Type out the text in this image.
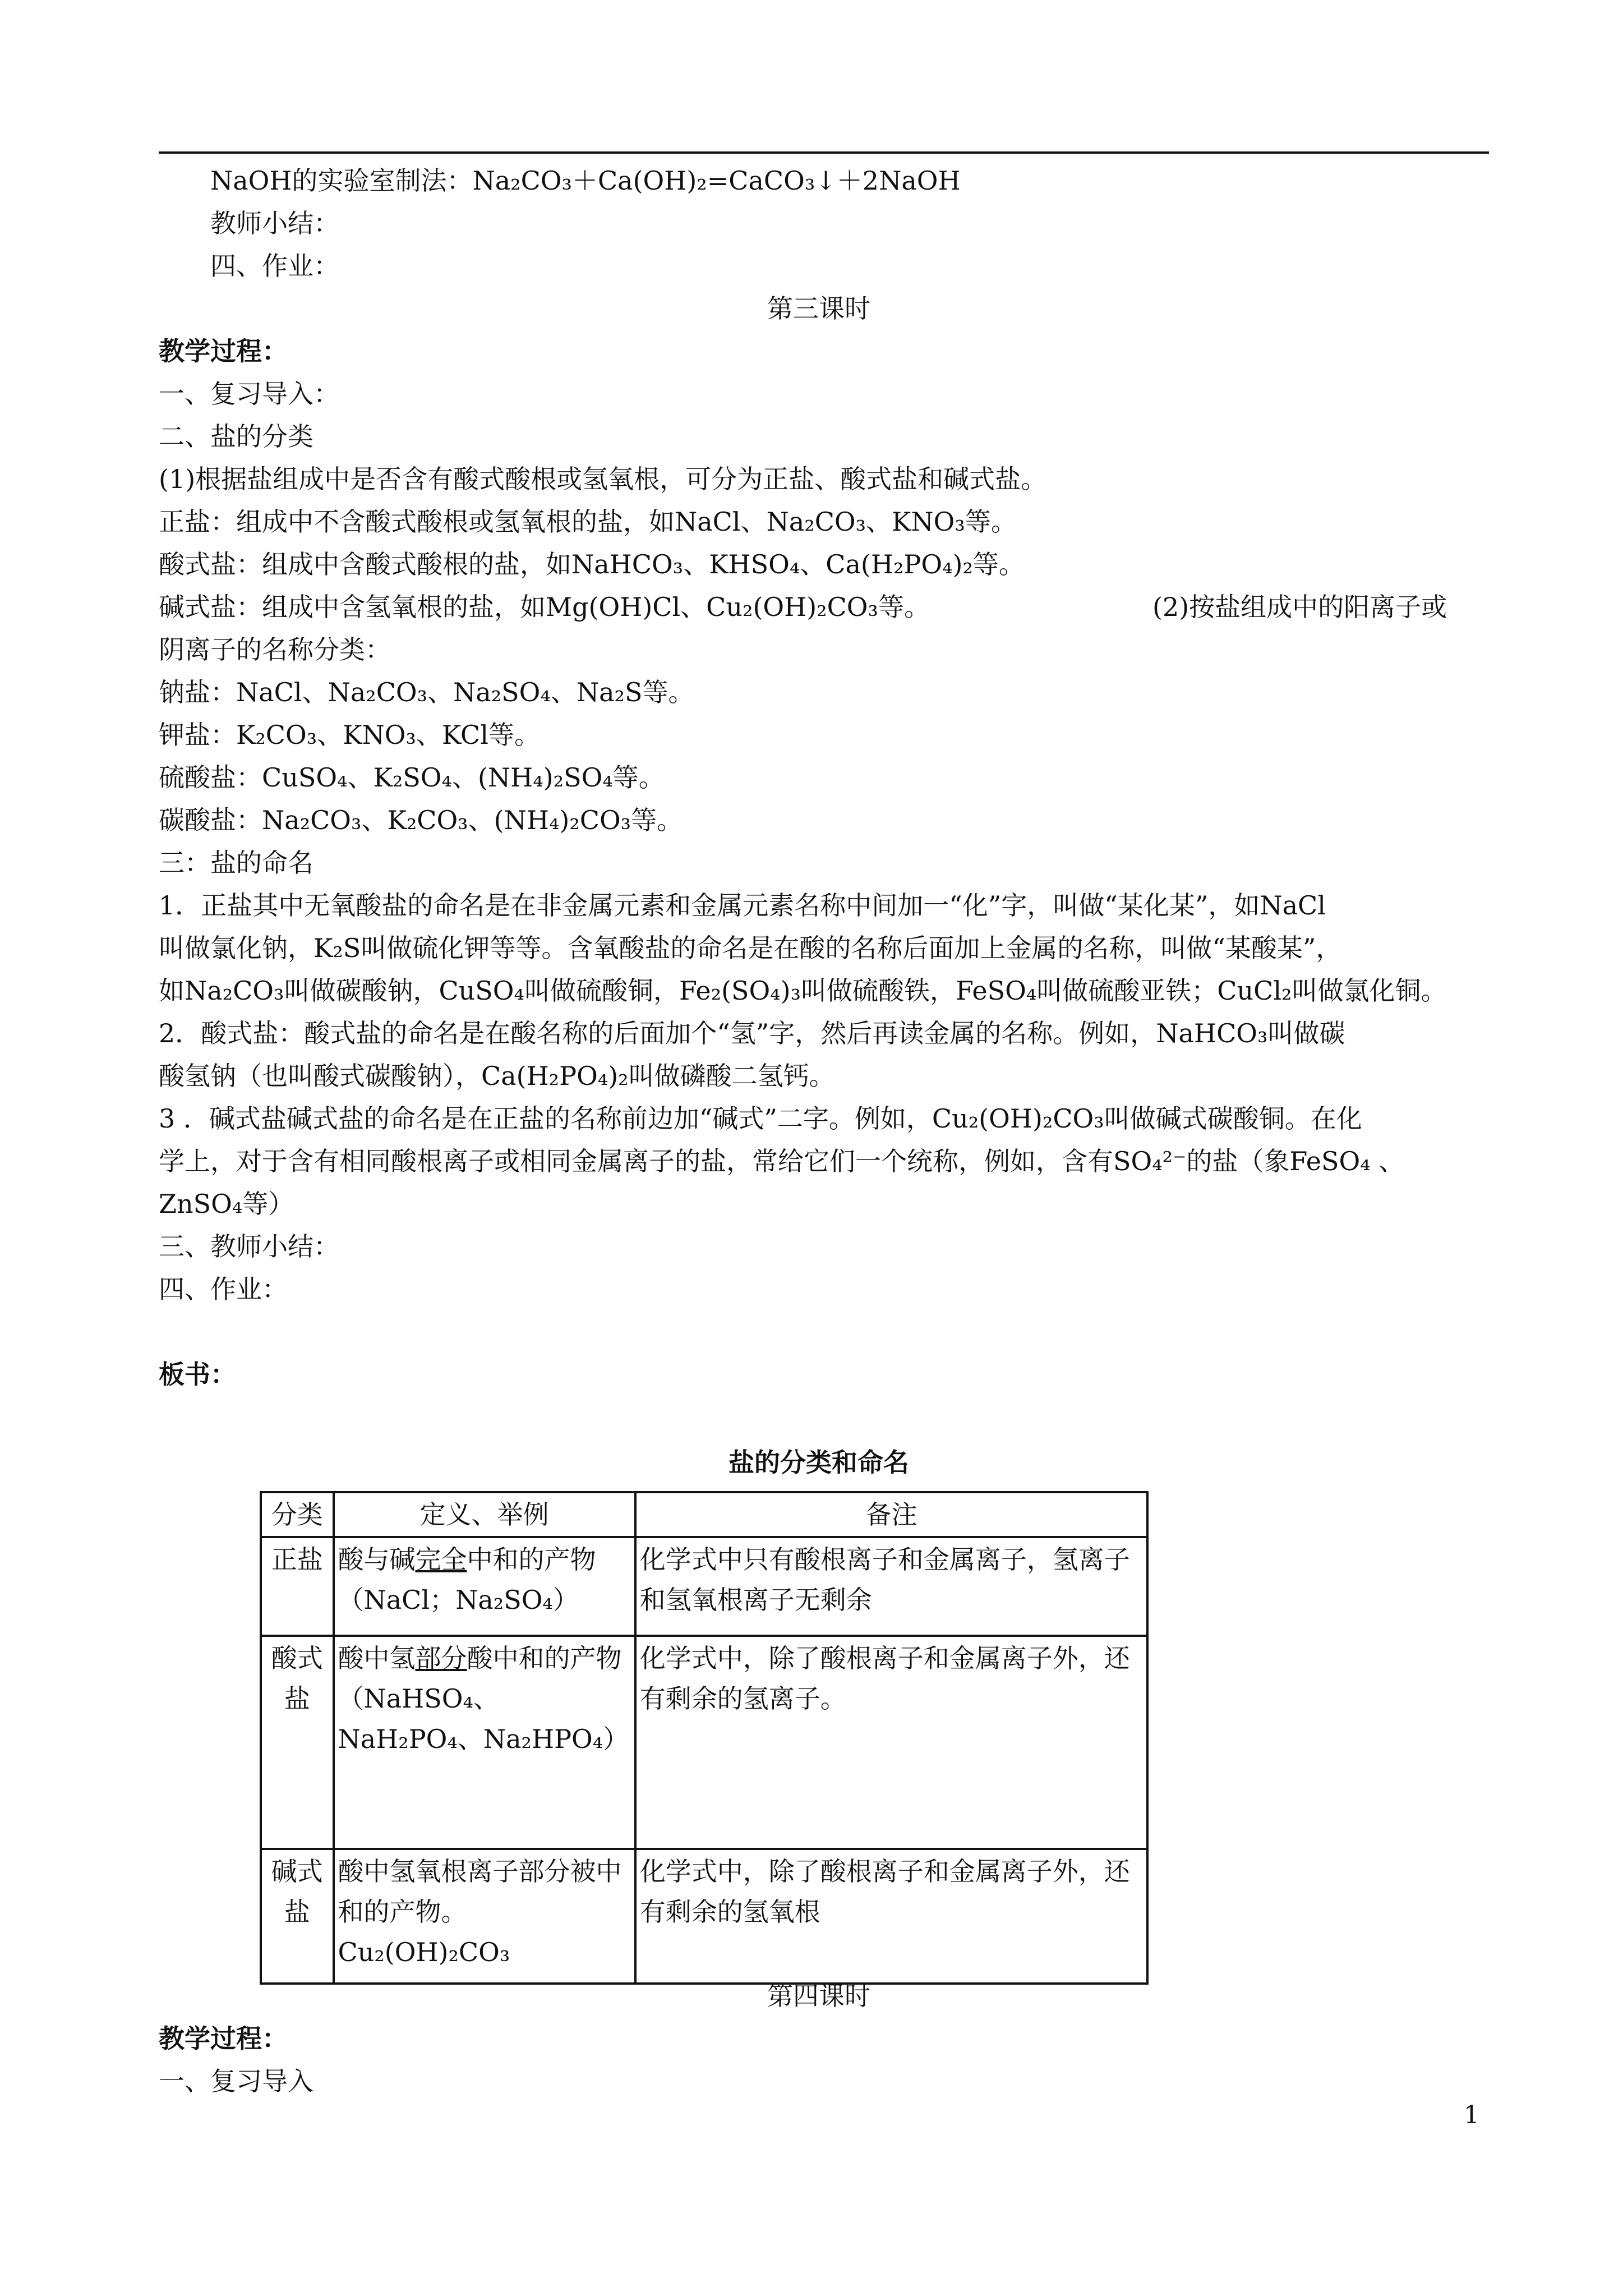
NaOH的实验室制法：Na₂CO₃＋Ca(OH)₂=CaCO₃↓＋2NaOH
教师小结：
四、作业：
第三课时
教学过程：
一、复习导入：
二、盐的分类
(1)根据盐组成中是否含有酸式酸根或氢氧根，可分为正盐、酸式盐和碱式盐。
正盐：组成中不含酸式酸根或氢氧根的盐，如NaCl、Na₂CO₃、KNO₃等。
酸式盐：组成中含酸式酸根的盐，如NaHCO₃、KHSO₄、Ca(H₂PO₄)₂等。
碱式盐：组成中含氢氧根的盐，如Mg(OH)Cl、Cu₂(OH)₂CO₃等。	(2)按盐组成中的阳离子或
阴离子的名称分类：
钠盐：NaCl、Na₂CO₃、Na₂SO₄、Na₂S等。
钾盐：K₂CO₃、KNO₃、KCl等。
硫酸盐：CuSO₄、K₂SO₄、(NH₄)₂SO₄等。
碳酸盐：Na₂CO₃、K₂CO₃、(NH₄)₂CO₃等。
三：盐的命名
1．正盐其中无氧酸盐的命名是在非金属元素和金属元素名称中间加一“化”字，叫做“某化某”，如NaCl
叫做氯化钠，K₂S叫做硫化钾等等。含氧酸盐的命名是在酸的名称后面加上金属的名称，叫做“某酸某”，
如Na₂CO₃叫做碳酸钠，CuSO₄叫做硫酸铜，Fe₂(SO₄)₃叫做硫酸铁，FeSO₄叫做硫酸亚铁；CuCl₂叫做氯化铜。
2．酸式盐：酸式盐的命名是在酸名称的后面加个“氢”字，然后再读金属的名称。例如，NaHCO₃叫做碳
酸氢钠（也叫酸式碳酸钠），Ca(H₂PO₄)₂叫做磷酸二氢钙。
3 ．碱式盐碱式盐的命名是在正盐的名称前边加“碱式”二字。例如，Cu₂(OH)₂CO₃叫做碱式碳酸铜。在化
学上，对于含有相同酸根离子或相同金属离子的盐，常给它们一个统称，例如，含有SO₄²⁻的盐（象FeSO₄ 、
ZnSO₄等）
三、教师小结：
四、作业：
板书：
盐的分类和命名
分类	定义、举例	备注
正盐	酸与碱完全中和的产物（NaCl；Na₂SO₄）	化学式中只有酸根离子和金属离子，氢离子和氢氧根离子无剩余
酸式盐	酸中氢部分酸中和的产物 （NaHSO₄、NaH₂PO₄、Na₂HPO₄）	化学式中，除了酸根离子和金属离子外，还有剩余的氢离子。
碱式盐	酸中氢氧根离子部分被中和的产物。Cu₂(OH)₂CO₃	化学式中，除了酸根离子和金属离子外，还有剩余的氢氧根
第四课时
教学过程：
一、复习导入
1
